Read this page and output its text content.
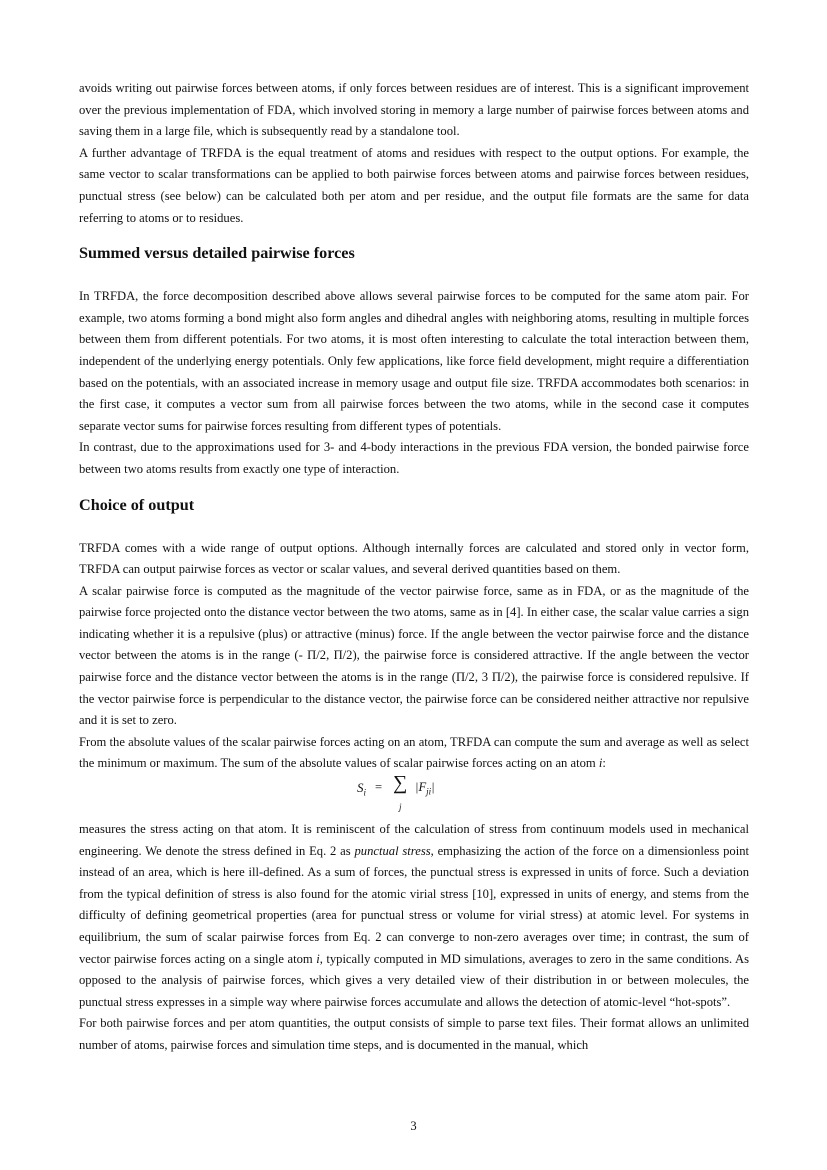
avoids writing out pairwise forces between atoms, if only forces between residues are of interest. This is a significant improvement over the previous implementation of FDA, which involved storing in memory a large number of pairwise forces between atoms and saving them in a large file, which is subsequently read by a standalone tool.

A further advantage of TRFDA is the equal treatment of atoms and residues with respect to the output options. For example, the same vector to scalar transformations can be applied to both pairwise forces between atoms and pairwise forces between residues, punctual stress (see below) can be calculated both per atom and per residue, and the output file formats are the same for data referring to atoms or to residues.

Summed versus detailed pairwise forces

In TRFDA, the force decomposition described above allows several pairwise forces to be computed for the same atom pair. For example, two atoms forming a bond might also form angles and dihedral angles with neighboring atoms, resulting in multiple forces between them from different potentials. For two atoms, it is most often interesting to calculate the total interaction between them, independent of the underlying energy potentials. Only few applications, like force field development, might require a differentiation based on the potentials, with an associated increase in memory usage and output file size. TRFDA accommodates both scenarios: in the first case, it computes a vector sum from all pairwise forces between the two atoms, while in the second case it computes separate vector sums for pairwise forces resulting from different types of potentials.

In contrast, due to the approximations used for 3- and 4-body interactions in the previous FDA version, the bonded pairwise force between two atoms results from exactly one type of interaction.

Choice of output

TRFDA comes with a wide range of output options. Although internally forces are calculated and stored only in vector form, TRFDA can output pairwise forces as vector or scalar values, and several derived quantities based on them.

A scalar pairwise force is computed as the magnitude of the vector pairwise force, same as in FDA, or as the magnitude of the pairwise force projected onto the distance vector between the two atoms, same as in [4]. In either case, the scalar value carries a sign indicating whether it is a repulsive (plus) or attractive (minus) force. If the angle between the vector pairwise force and the distance vector between the atoms is in the range (- Π/2, Π/2), the pairwise force is considered attractive. If the angle between the vector pairwise force and the distance vector between the atoms is in the range (Π/2, 3 Π/2), the pairwise force is considered repulsive. If the vector pairwise force is perpendicular to the distance vector, the pairwise force can be considered neither attractive nor repulsive and it is set to zero.

From the absolute values of the scalar pairwise forces acting on an atom, TRFDA can compute the sum and average as well as select the minimum or maximum. The sum of the absolute values of scalar pairwise forces acting on an atom i:

$S_i$ = ∑
j
$|F_{ji}|$

measures the stress acting on that atom. It is reminiscent of the calculation of stress from continuum models used in mechanical engineering. We denote the stress defined in Eq. 2 as punctual stress, emphasizing the action of the force on a dimensionless point instead of an area, which is here ill-defined. As a sum of forces, the punctual stress is expressed in units of force. Such a deviation from the typical definition of stress is also found for the atomic virial stress [10], expressed in units of energy, and stems from the difficulty of defining geometrical properties (area for punctual stress or volume for virial stress) at atomic level. For systems in equilibrium, the sum of scalar pairwise forces from Eq. 2 can converge to non-zero averages over time; in contrast, the sum of vector pairwise forces acting on a single atom i, typically computed in MD simulations, averages to zero in the same conditions. As opposed to the analysis of pairwise forces, which gives a very detailed view of their distribution in or between molecules, the punctual stress expresses in a simple way where pairwise forces accumulate and allows the detection of atomic-level “hot-spots”.

For both pairwise forces and per atom quantities, the output consists of simple to parse text files. Their format allows an unlimited number of atoms, pairwise forces and simulation time steps, and is documented in the manual, which

3
